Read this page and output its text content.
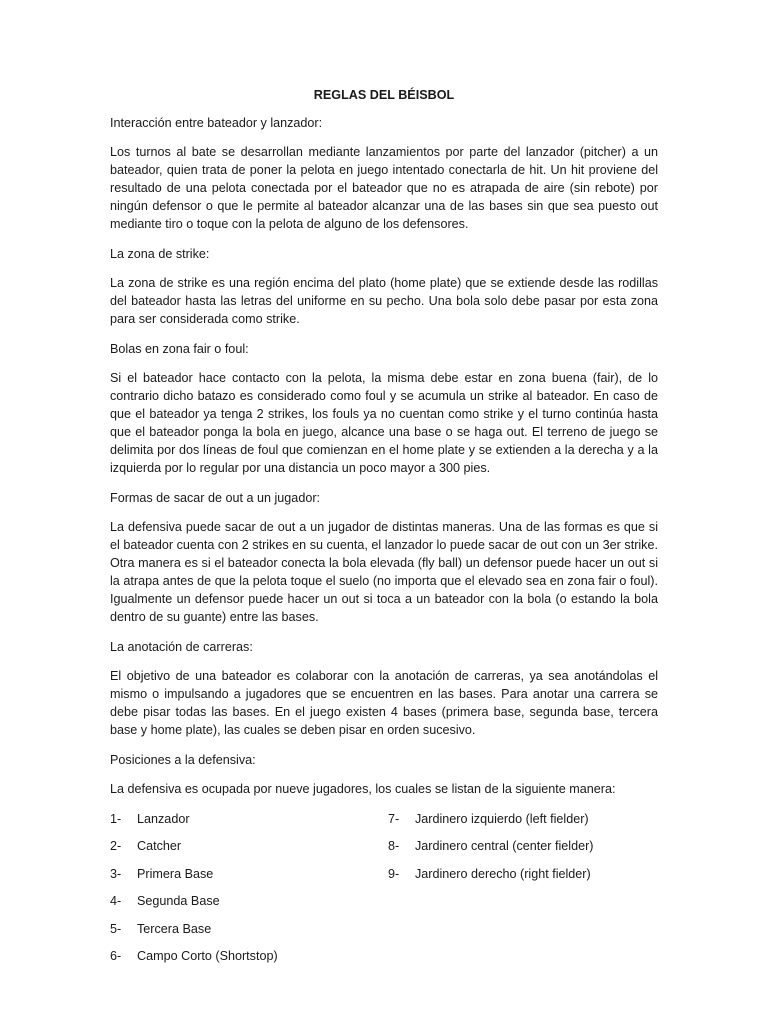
REGLAS DEL BÉISBOL
Interacción entre bateador y lanzador:
Los turnos al bate se desarrollan mediante lanzamientos por parte del lanzador (pitcher) a un bateador, quien trata de poner la pelota en juego intentado conectarla de hit. Un hit proviene del resultado de una pelota conectada por el bateador que no es atrapada de aire (sin rebote) por ningún defensor o que le permite al bateador alcanzar una de las bases sin que sea puesto out mediante tiro o toque con la pelota de alguno de los defensores.
La zona de strike:
La zona de strike es una región encima del plato (home plate) que se extiende desde las rodillas del bateador hasta las letras del uniforme en su pecho. Una bola solo debe pasar por esta zona para ser considerada como strike.
Bolas en zona fair o foul:
Si el bateador hace contacto con la pelota, la misma debe estar en zona buena (fair), de lo contrario dicho batazo es considerado como foul y se acumula un strike al bateador. En caso de que el bateador ya tenga 2 strikes, los fouls ya no cuentan como strike y el turno continúa hasta que el bateador ponga la bola en juego, alcance una base o se haga out. El terreno de juego se delimita por dos líneas de foul que comienzan en el home plate y se extienden a la derecha y a la izquierda por lo regular por una distancia un poco mayor a 300 pies.
Formas de sacar de out a un jugador:
La defensiva puede sacar de out a un jugador de distintas maneras. Una de las formas es que si el bateador cuenta con 2 strikes en su cuenta, el lanzador lo puede sacar de out con un 3er strike. Otra manera es si el bateador conecta la bola elevada (fly ball) un defensor puede hacer un out si la atrapa antes de que la pelota toque el suelo (no importa que el elevado sea en zona fair o foul). Igualmente un defensor puede hacer un out si toca a un bateador con la bola (o estando la bola dentro de su guante) entre las bases.
La anotación de carreras:
El objetivo de una bateador es colaborar con la anotación de carreras, ya sea anotándolas el mismo o impulsando a jugadores que se encuentren en las bases. Para anotar una carrera se debe pisar todas las bases. En el juego existen 4 bases (primera base, segunda base, tercera base y home plate), las cuales se deben pisar en orden sucesivo.
Posiciones a la defensiva:
La defensiva es ocupada por nueve jugadores, los cuales se listan de la siguiente manera:
1-	Lanzador
2-	Catcher
3-	Primera Base
4-	Segunda Base
5-	Tercera Base
6-	Campo Corto (Shortstop)
7-	Jardinero izquierdo (left fielder)
8-	Jardinero central (center fielder)
9-	Jardinero derecho (right fielder)
